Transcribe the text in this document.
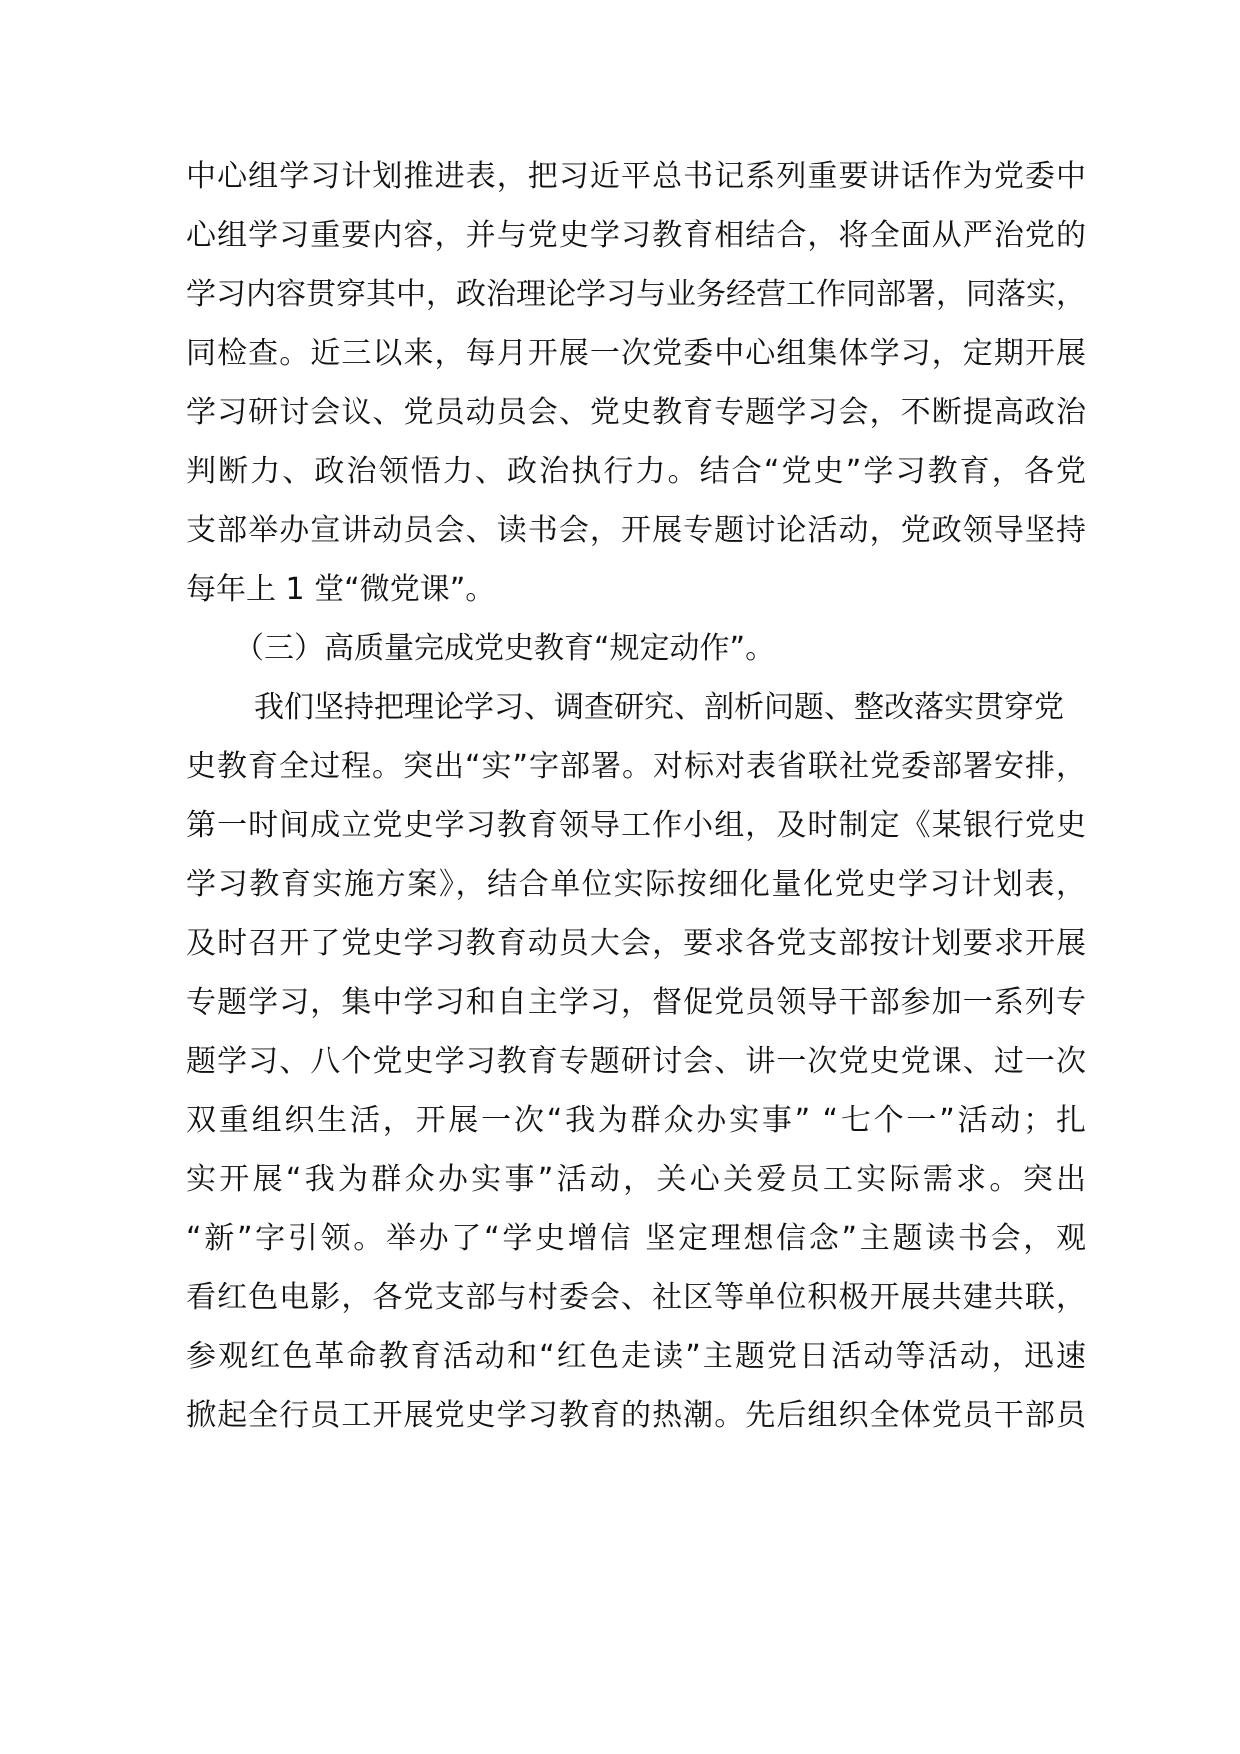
中心组学习计划推进表，把习近平总书记系列重要讲话作为党委中
心组学习重要内容，并与党史学习教育相结合，将全面从严治党的
学习内容贯穿其中，政治理论学习与业务经营工作同部署，同落实，
同检查。近三以来，每月开展一次党委中心组集体学习，定期开展
学习研讨会议、党员动员会、党史教育专题学习会，不断提高政治
判断力、政治领悟力、政治执行力。结合“党史”学习教育，各党
支部举办宣讲动员会、读书会，开展专题讨论活动，党政领导坚持
每年上 1 堂“微党课”。
（三）高质量完成党史教育“规定动作”。
我们坚持把理论学习、调查研究、剖析问题、整改落实贯穿党
史教育全过程。突出“实”字部署。对标对表省联社党委部署安排，
第一时间成立党史学习教育领导工作小组，及时制定《某银行党史
学习教育实施方案》，结合单位实际按细化量化党史学习计划表，
及时召开了党史学习教育动员大会，要求各党支部按计划要求开展
专题学习，集中学习和自主学习，督促党员领导干部参加一系列专
题学习、八个党史学习教育专题研讨会、讲一次党史党课、过一次
双重组织生活，开展一次“我为群众办实事” “七个一”活动；扎
实开展“我为群众办实事”活动，关心关爱员工实际需求。突出
“新”字引领。举办了“学史增信 坚定理想信念”主题读书会，观
看红色电影，各党支部与村委会、社区等单位积极开展共建共联，
参观红色革命教育活动和“红色走读”主题党日活动等活动，迅速
掀起全行员工开展党史学习教育的热潮。先后组织全体党员干部员
